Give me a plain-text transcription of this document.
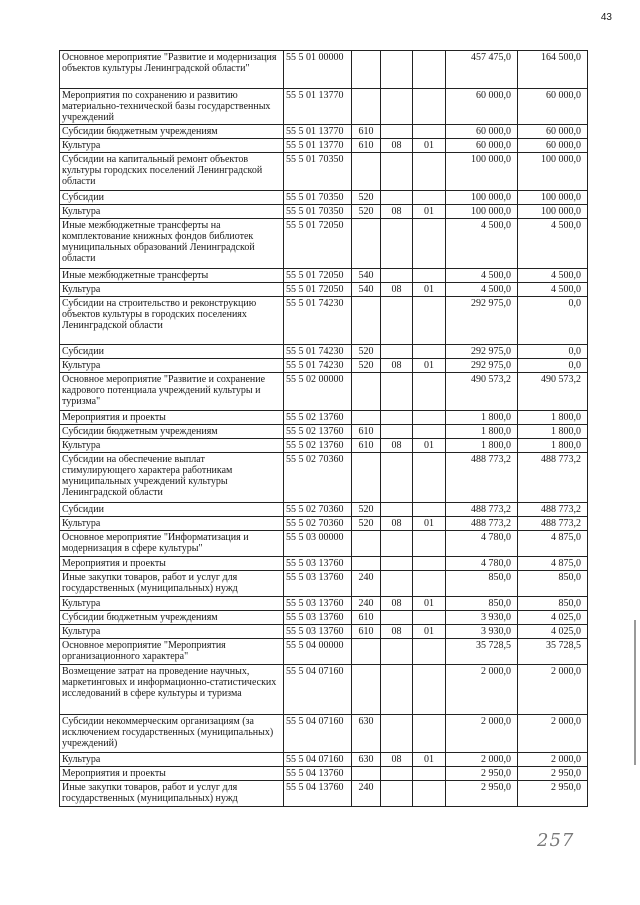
43
Основное мероприятие "Развитие и модернизация объектов культуры Ленинградской области"	55 5 01 00000				457 475,0	164 500,0
Мероприятия по сохранению и развитию материально-технической базы государственных учреждений	55 5 01 13770				60 000,0	60 000,0
Субсидии бюджетным учреждениям	55 5 01 13770	610			60 000,0	60 000,0
Культура	55 5 01 13770	610	08	01	60 000,0	60 000,0
Субсидии на капитальный ремонт объектов культуры городских поселений Ленинградской области	55 5 01 70350				100 000,0	100 000,0
Субсидии	55 5 01 70350	520			100 000,0	100 000,0
Культура	55 5 01 70350	520	08	01	100 000,0	100 000,0
Иные межбюджетные трансферты на комплектование книжных фондов библиотек муниципальных образований Ленинградской области	55 5 01 72050				4 500,0	4 500,0
Иные межбюджетные трансферты	55 5 01 72050	540			4 500,0	4 500,0
Культура	55 5 01 72050	540	08	01	4 500,0	4 500,0
Субсидии на строительство и реконструкцию объектов культуры в городских поселениях Ленинградской области	55 5 01 74230				292 975,0	0,0
Субсидии	55 5 01 74230	520			292 975,0	0,0
Культура	55 5 01 74230	520	08	01	292 975,0	0,0
Основное мероприятие "Развитие и сохранение кадрового потенциала учреждений культуры и туризма"	55 5 02 00000				490 573,2	490 573,2
Мероприятия и проекты	55 5 02 13760				1 800,0	1 800,0
Субсидии бюджетным учреждениям	55 5 02 13760	610			1 800,0	1 800,0
Культура	55 5 02 13760	610	08	01	1 800,0	1 800,0
Субсидии на обеспечение выплат стимулирующего характера работникам муниципальных учреждений культуры Ленинградской области	55 5 02 70360				488 773,2	488 773,2
Субсидии	55 5 02 70360	520			488 773,2	488 773,2
Культура	55 5 02 70360	520	08	01	488 773,2	488 773,2
Основное мероприятие "Информатизация и модернизация в сфере культуры"	55 5 03 00000				4 780,0	4 875,0
Мероприятия и проекты	55 5 03 13760				4 780,0	4 875,0
Иные закупки товаров, работ и услуг для государственных (муниципальных) нужд	55 5 03 13760	240			850,0	850,0
Культура	55 5 03 13760	240	08	01	850,0	850,0
Субсидии бюджетным учреждениям	55 5 03 13760	610			3 930,0	4 025,0
Культура	55 5 03 13760	610	08	01	3 930,0	4 025,0
Основное мероприятие "Мероприятия организационного характера"	55 5 04 00000				35 728,5	35 728,5
Возмещение затрат на проведение научных, маркетинговых и информационно-статистических исследований в сфере культуры и туризма	55 5 04 07160				2 000,0	2 000,0
Субсидии некоммерческим организациям (за исключением государственных (муниципальных) учреждений)	55 5 04 07160	630			2 000,0	2 000,0
Культура	55 5 04 07160	630	08	01	2 000,0	2 000,0
Мероприятия и проекты	55 5 04 13760				2 950,0	2 950,0
Иные закупки товаров, работ и услуг для государственных (муниципальных) нужд	55 5 04 13760	240			2 950,0	2 950,0
257
